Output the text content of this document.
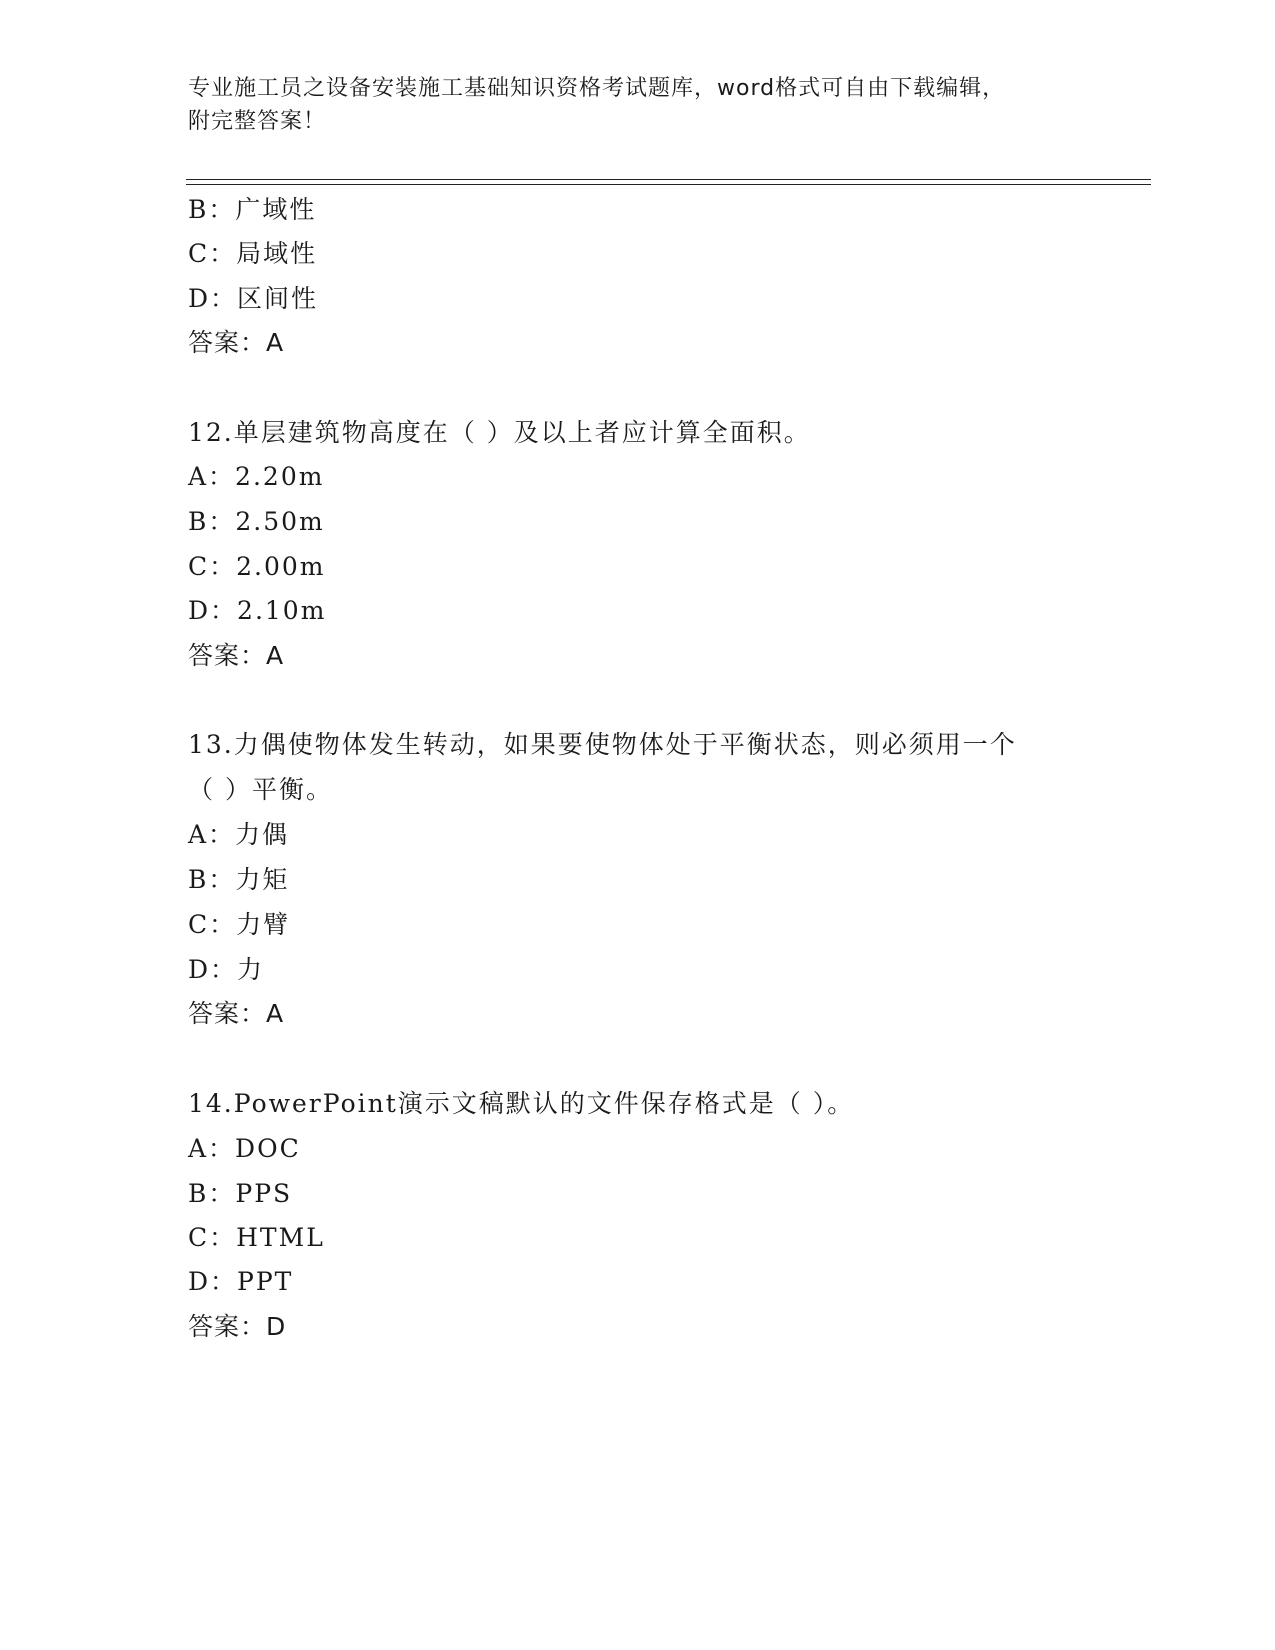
专业施工员之设备安装施工基础知识资格考试题库，word格式可自由下载编辑，
附完整答案！
B：广域性
C：局域性
D：区间性
答案：A
12.单层建筑物高度在（ ）及以上者应计算全面积。
A：2.20m
B：2.50m
C：2.00m
D：2.10m
答案：A
13.力偶使物体发生转动，如果要使物体处于平衡状态，则必须用一个
（ ）平衡。
A：力偶
B：力矩
C：力臂
D：力
答案：A
14.PowerPoint演示文稿默认的文件保存格式是（ ）。
A：DOC
B：PPS
C：HTML
D：PPT
答案：D
